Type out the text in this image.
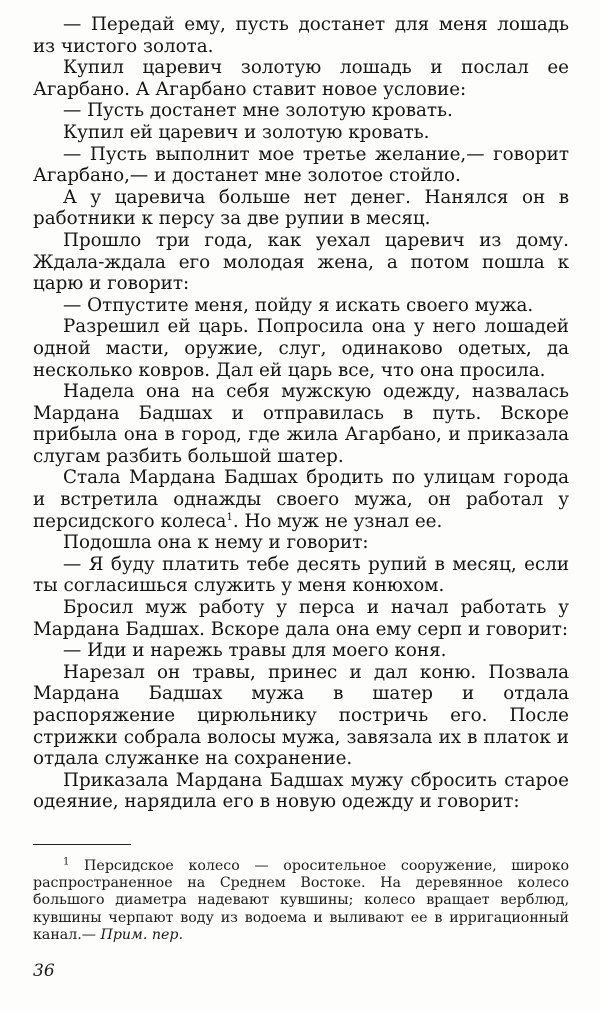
— Передай ему, пусть достанет для меня лошадь из чистого золота.

Купил царевич золотую лошадь и послал ее Агарбано. А Агарбано ставит новое условие:

— Пусть достанет мне золотую кровать.

Купил ей царевич и золотую кровать.

— Пусть выполнит мое третье желание,— говорит Агарбано,— и достанет мне золотое стойло.

А у царевича больше нет денег. Нанялся он в работники к персу за две рупии в месяц.

Прошло три года, как уехал царевич из дому. Ждала-ждала его молодая жена, а потом пошла к царю и говорит:

— Отпустите меня, пойду я искать своего мужа.

Разрешил ей царь. Попросила она у него лошадей одной масти, оружие, слуг, одинаково одетых, да несколько ковров. Дал ей царь все, что она просила.

Надела она на себя мужскую одежду, назвалась Мардана Бадшах и отправилась в путь. Вскоре прибыла она в город, где жила Агарбано, и приказала слугам разбить большой шатер.

Стала Мардана Бадшах бродить по улицам города и встретила однажды своего мужа, он работал у персидского колеса$^1$. Но муж не узнал ее.

Подошла она к нему и говорит:

— Я буду платить тебе десять рупий в месяц, если ты согласишься служить у меня конюхом.

Бросил муж работу у перса и начал работать у Мардана Бадшах. Вскоре дала она ему серп и говорит:

— Иди и нарежь травы для моего коня.

Нарезал он травы, принес и дал коню. Позвала Мардана Бадшах мужа в шатер и отдала распоряжение цирюльнику постричь его. После стрижки собрала волосы мужа, завязала их в платок и отдала служанке на сохранение.

Приказала Мардана Бадшах мужу сбросить старое одеяние, нарядила его в новую одежду и говорит:

$^1$ Персидское колесо — оросительное сооружение, широко распространенное на Среднем Востоке. На деревянное колесо большого диаметра надевают кувшины; колесо вращает верблюд, кувшины черпают воду из водоема и выливают ее в ирригационный канал.— Прим. пер.
36
